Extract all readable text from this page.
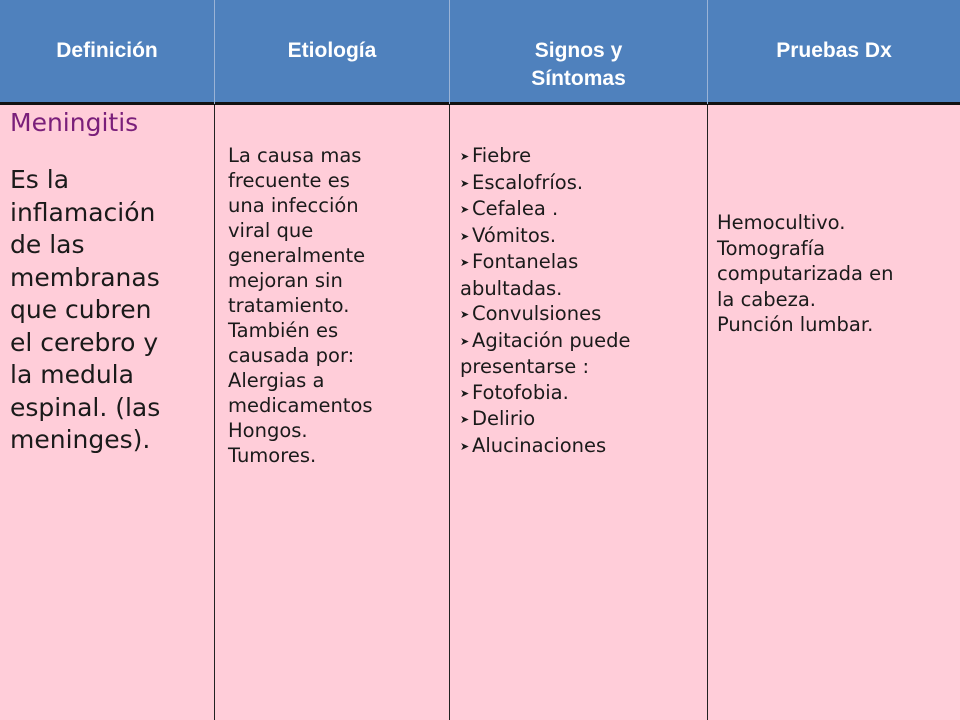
Definición	Etiología	Signos y
Síntomas
Pruebas Dx
Meningitis
Es la
inflamación
de las
membranas
que cubren
el cerebro y
la medula
espinal. (las
meninges).
La causa mas
frecuente es
una infección
viral que
generalmente
mejoran sin
tratamiento.
También es
causada por:
Alergias a
medicamentos
Hongos.
Tumores.
➤ Fiebre
➤ Escalofríos.
➤ Cefalea .
➤ Vómitos.
➤ Fontanelas
abultadas.
➤ Convulsiones
➤ Agitación puede
presentarse :
➤ Fotofobia.
➤ Delirio
➤ Alucinaciones
Hemocultivo.
Tomografía
computarizada en
la cabeza.
Punción lumbar.
